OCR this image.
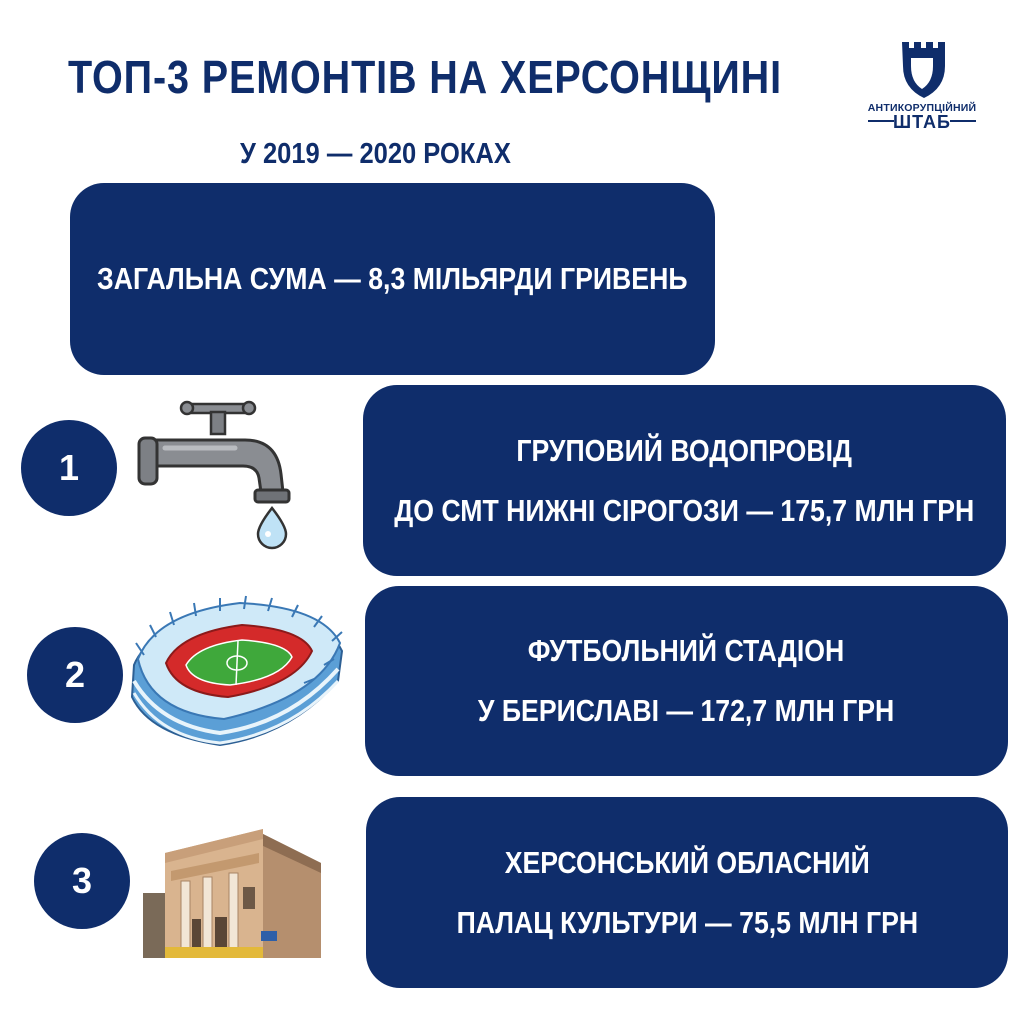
ТОП-3 РЕМОНТІВ НА ХЕРСОНЩИНІ
У 2019 — 2020 РОКАХ
АНТИКОРУПЦІЙНИЙ
ШТАБ
ЗАГАЛЬНА СУМА — 8,3 МІЛЬЯРДИ ГРИВЕНЬ
1	ГРУПОВИЙ ВОДОПРОВІД
ДО СМТ НИЖНІ СІРОГОЗИ — 175,7 МЛН ГРН
2
ФУТБОЛЬНИЙ СТАДІОН
У БЕРИСЛАВІ — 172,7 МЛН ГРН
3	ХЕРСОНСЬКИЙ ОБЛАСНИЙ
ПАЛАЦ КУЛЬТУРИ — 75,5 МЛН ГРН
